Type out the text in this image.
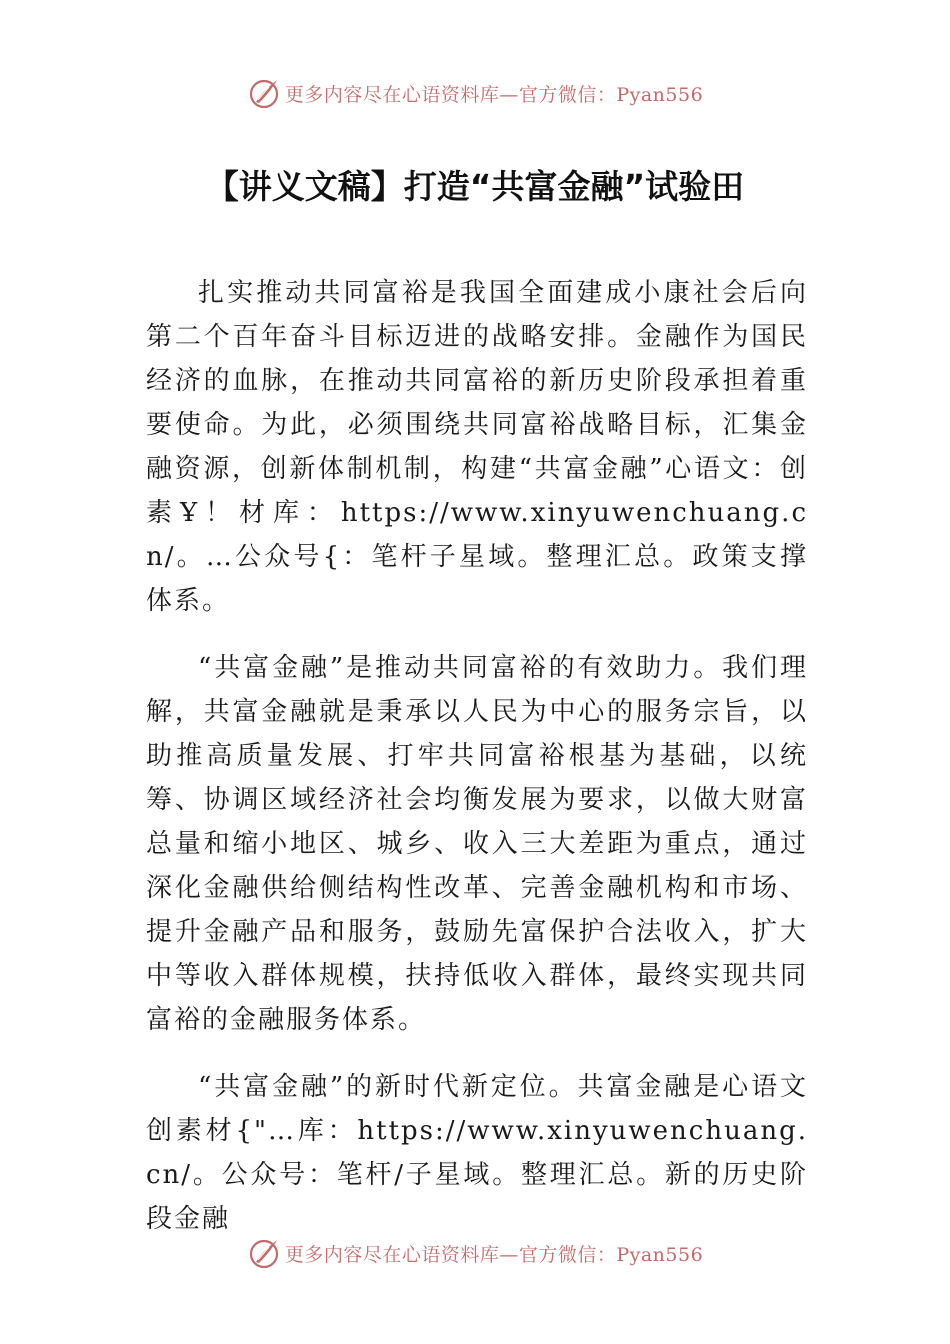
更多内容尽在心语资料库—官方微信：Pyan556
【讲义文稿】打造“共富金融”试验田

扎实推动共同富裕是我国全面建成小康社会后向第二个百年奋斗目标迈进的战略安排。金融作为国民经济的血脉，在推动共同富裕的新历史阶段承担着重要使命。为此，必须围绕共同富裕战略目标，汇集金融资源，创新体制机制，构建“共富金融”心语文：创素Ұ！材库：https://www.xinyuwenchuang.cn/。…公众号{：笔杆子星域。整理汇总。政策支撑体系。

“共富金融”是推动共同富裕的有效助力。我们理解，共富金融就是秉承以人民为中心的服务宗旨，以助推高质量发展、打牢共同富裕根基为基础，以统筹、协调区域经济社会均衡发展为要求，以做大财富总量和缩小地区、城乡、收入三大差距为重点，通过深化金融供给侧结构性改革、完善金融机构和市场、提升金融产品和服务，鼓励先富保护合法收入，扩大中等收入群体规模，扶持低收入群体，最终实现共同富裕的金融服务体系。

“共富金融”的新时代新定位。共富金融是心语文创素材{"…库：https://www.xinyuwenchuang.cn/。公众号：笔杆/子星域。整理汇总。新的历史阶段金融

更多内容尽在心语资料库—官方微信：Pyan556
